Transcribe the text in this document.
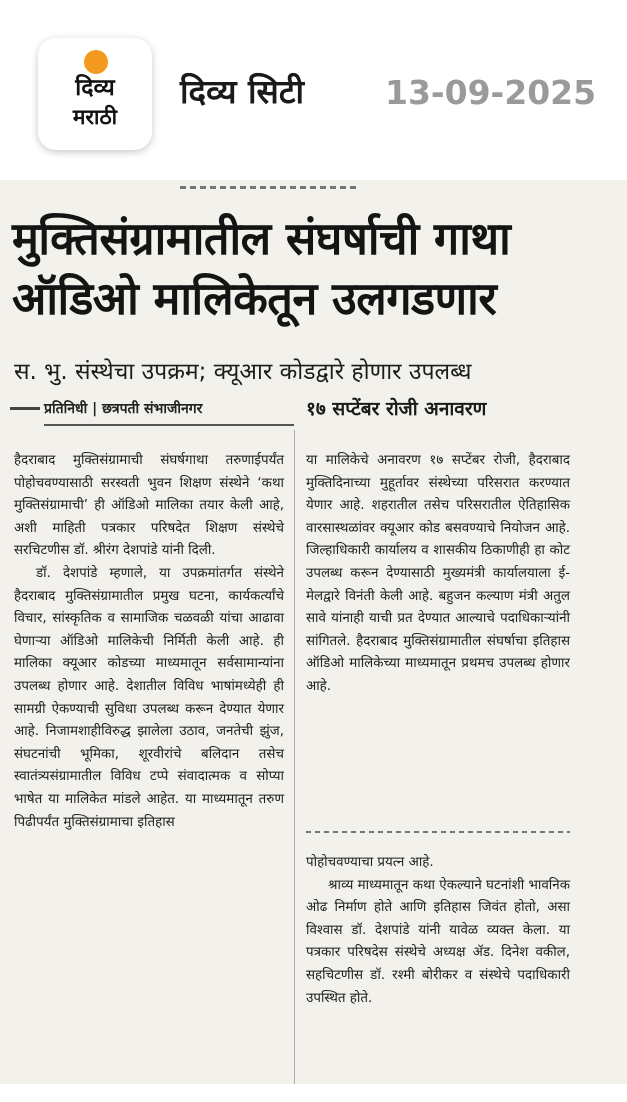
दिव्य
मराठी
दिव्य सिटी 13-09-2025
मुक्तिसंग्रामातील संघर्षाची गाथा
ऑडिओ मालिकेतून उलगडणार
स. भु. संस्थेचा उपक्रम; क्यूआर कोडद्वारे होणार उपलब्ध
प्रतिनिधी | छत्रपती संभाजीनगर	१७ सप्टेंबर रोजी अनावरण

हैदराबाद मुक्तिसंग्रामाची संघर्षगाथा तरुणाईपर्यंत पोहोचवण्यासाठी सरस्वती भुवन शिक्षण संस्थेने ‘कथा मुक्तिसंग्रामाची’ ही ऑडिओ मालिका तयार केली आहे, अशी माहिती पत्रकार परिषदेत शिक्षण संस्थेचे सरचिटणीस डॉ. श्रीरंग देशपांडे यांनी दिली.

डॉ. देशपांडे म्हणाले, या उपक्रमांतर्गत संस्थेने हैदराबाद मुक्तिसंग्रामातील प्रमुख घटना, कार्यकर्त्यांचे विचार, सांस्कृतिक व सामाजिक चळवळी यांचा आढावा घेणाऱ्या ऑडिओ मालिकेची निर्मिती केली आहे. ही मालिका क्यूआर कोडच्या माध्यमातून सर्वसामान्यांना उपलब्ध होणार आहे. देशातील विविध भाषांमध्येही ही सामग्री ऐकण्याची सुविधा उपलब्ध करून देण्यात येणार आहे. निजामशाहीविरुद्ध झालेला उठाव, जनतेची झुंज, संघटनांची भूमिका, शूरवीरांचे बलिदान तसेच स्वातंत्र्यसंग्रामातील विविध टप्पे संवादात्मक व सोप्या भाषेत या मालिकेत मांडले आहेत. या माध्यमातून तरुण पिढीपर्यंत मुक्तिसंग्रामाचा इतिहास

या मालिकेचे अनावरण १७ सप्टेंबर रोजी, हैदराबाद मुक्तिदिनाच्या मुहूर्तावर संस्थेच्या परिसरात करण्यात येणार आहे. शहरातील तसेच परिसरातील ऐतिहासिक वारसास्थळांवर क्यूआर कोड बसवण्याचे नियोजन आहे. जिल्हाधिकारी कार्यालय व शासकीय ठिकाणीही हा कोट उपलब्ध करून देण्यासाठी मुख्यमंत्री कार्यालयाला ई-मेलद्वारे विनंती केली आहे. बहुजन कल्याण मंत्री अतुल सावे यांनाही याची प्रत देण्यात आल्याचे पदाधिकाऱ्यांनी सांगितले. हैदराबाद मुक्तिसंग्रामातील संघर्षाचा इतिहास ऑडिओ मालिकेच्या माध्यमातून प्रथमच उपलब्ध होणार आहे.

पोहोचवण्याचा प्रयत्न आहे.

श्राव्य माध्यमातून कथा ऐकल्याने घटनांशी भावनिक ओढ निर्माण होते आणि इतिहास जिवंत होतो, असा विश्वास डॉ. देशपांडे यांनी यावेळ व्यक्त केला. या पत्रकार परिषदेस संस्थेचे अध्यक्ष ॲड. दिनेश वकील, सहचिटणीस डॉ. रश्मी बोरीकर व संस्थेचे पदाधिकारी उपस्थित होते.
